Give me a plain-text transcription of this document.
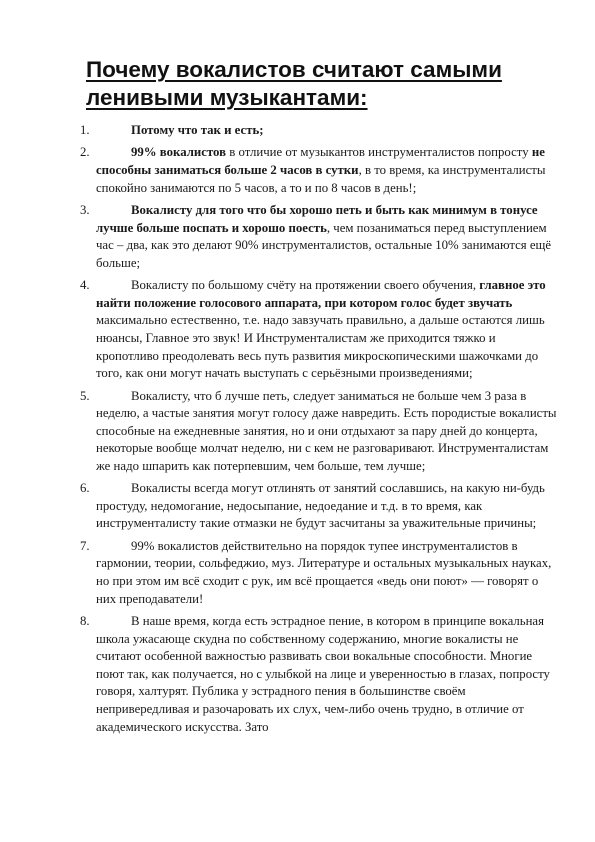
Почему вокалистов считают самыми ленивыми музыкантами:
1.	Потому что так и есть;
2.	99% вокалистов в отличие от музыкантов инструменталистов попросту не способны заниматься больше 2 часов в сутки, в то время, ка инструменталисты спокойно занимаются по 5 часов, а то и по 8 часов в день!;
3.	Вокалисту для того что бы хорошо петь и быть как минимум в тонусе лучше больше поспать и хорошо поесть, чем позаниматься перед выступлением час – два, как это делают 90% инструменталистов, остальные 10% занимаются ещё больше;
4.	Вокалисту по большому счёту на протяжении своего обучения, главное это найти положение голосового аппарата, при котором голос будет звучать максимально естественно, т.е. надо завзучать правильно, а дальше остаются лишь нюансы, Главное это звук! И Инструменталистам же приходится тяжко и кропотливо преодолевать весь путь развития микроскопическими шажочками до того, как они могут начать выступать с серьёзными произведениями;
5.	Вокалисту, что б лучше петь, следует заниматься не больше чем 3 раза в неделю, а частые занятия могут голосу даже навредить. Есть породистые вокалисты способные на ежедневные занятия, но и они отдыхают за пару дней до концерта, некоторые вообще молчат неделю, ни с кем не разговаривают. Инструменталистам же надо шпарить как потерпевшим, чем больше, тем лучше;
6.	Вокалисты всегда могут отлинять от занятий сославшись, на какую ни-будь простуду, недомогание, недосыпание, недоедание и т.д. в то время, как инструменталисту такие отмазки не будут засчитаны за уважительные причины;
7.	99% вокалистов действительно на порядок тупее инструменталистов в гармонии, теории, сольфеджио, муз. Литературе и остальных музыкальных науках, но при этом им всё сходит с рук, им всё прощается «ведь они поют» — говорят о них преподаватели!
8.	В наше время, когда есть эстрадное пение, в котором в принципе вокальная школа ужасающе скудна по собственному содержанию, многие вокалисты не считают особенной важностью развивать свои вокальные способности. Многие поют так, как получается, но с улыбкой на лице и уверенностью в глазах, попросту говоря, халтурят. Публика у эстрадного пения в большинстве своём непривередливая и разочаровать их слух, чем-либо очень трудно, в отличие от академического искусства. Зато
